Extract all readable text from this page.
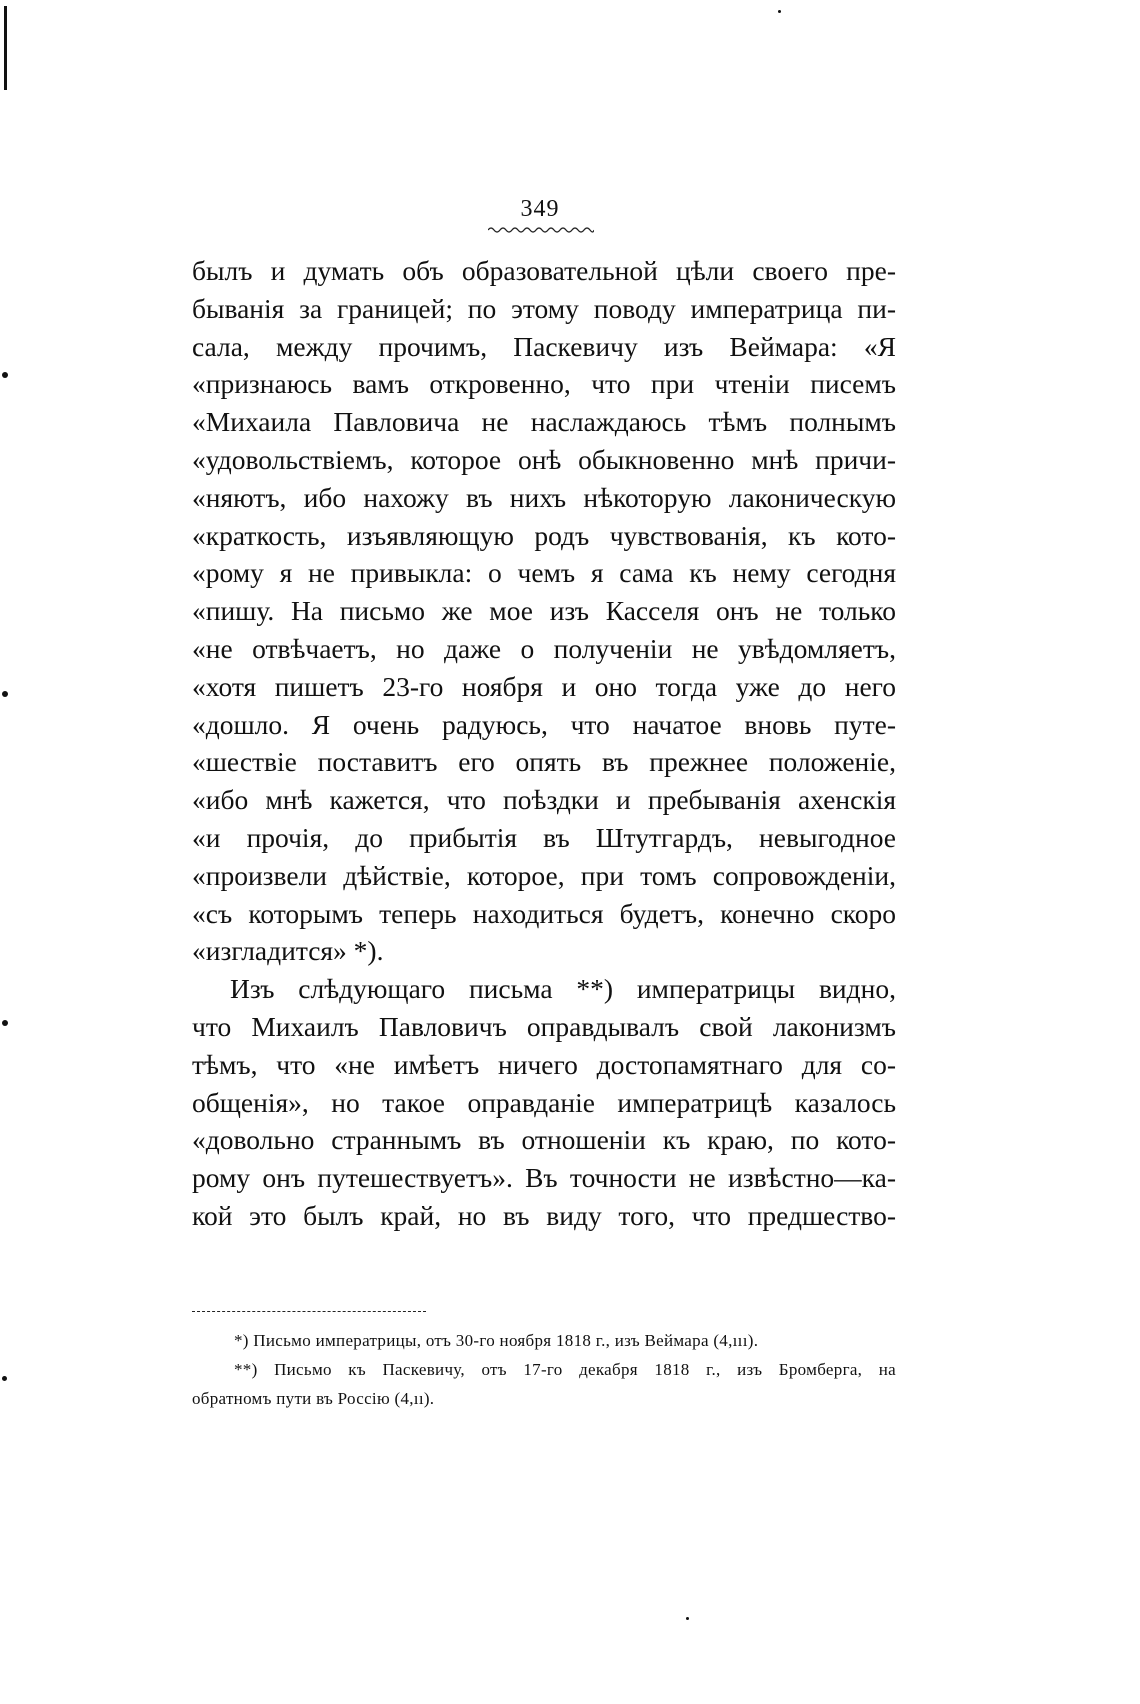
349
былъ и думать объ образовательной цѣли своего пре-
быванія за границей; по этому поводу императрица пи-
сала, между прочимъ, Паскевичу изъ Веймара: «Я
«признаюсь вамъ откровенно, что при чтеніи писемъ
«Михаила Павловича не наслаждаюсь тѣмъ полнымъ
«удовольствіемъ, которое онѣ обыкновенно мнѣ причи-
«няютъ, ибо нахожу въ нихъ нѣкоторую лаконическую
«краткость, изъявляющую родъ чувствованія, къ кото-
«рому я не привыкла: о чемъ я сама къ нему сегодня
«пишу. На письмо же мое изъ Касселя онъ не только
«не отвѣчаетъ, но даже о полученіи не увѣдомляетъ,
«хотя пишетъ 23-го ноября и оно тогда уже до него
«дошло. Я очень радуюсь, что начатое вновь путе-
«шествіе поставитъ его опять въ прежнее положеніе,
«ибо мнѣ кажется, что поѣздки и пребыванія ахенскія
«и прочія, до прибытія въ Штутгардъ, невыгодное
«произвели дѣйствіе, которое, при томъ сопровожденіи,
«съ которымъ теперь находиться будетъ, конечно скоро
«изгладится» *).
Изъ слѣдующаго письма **) императрицы видно,
что Михаилъ Павловичъ оправдывалъ свой лаконизмъ
тѣмъ, что «не имѣетъ ничего достопамятнаго для со-
общенія», но такое оправданіе императрицѣ казалось
«довольно страннымъ въ отношеніи къ краю, по кото-
рому онъ путешествуетъ». Въ точности не извѣстно—ка-
кой это былъ край, но въ виду того, что предшество-
*) Письмо императрицы, отъ 30-го ноября 1818 г., изъ Веймара (4,ııı).
**) Письмо къ Паскевичу, отъ 17-го декабря 1818 г., изъ Бромберга, на
обратномъ пути въ Россію (4,ıı).
